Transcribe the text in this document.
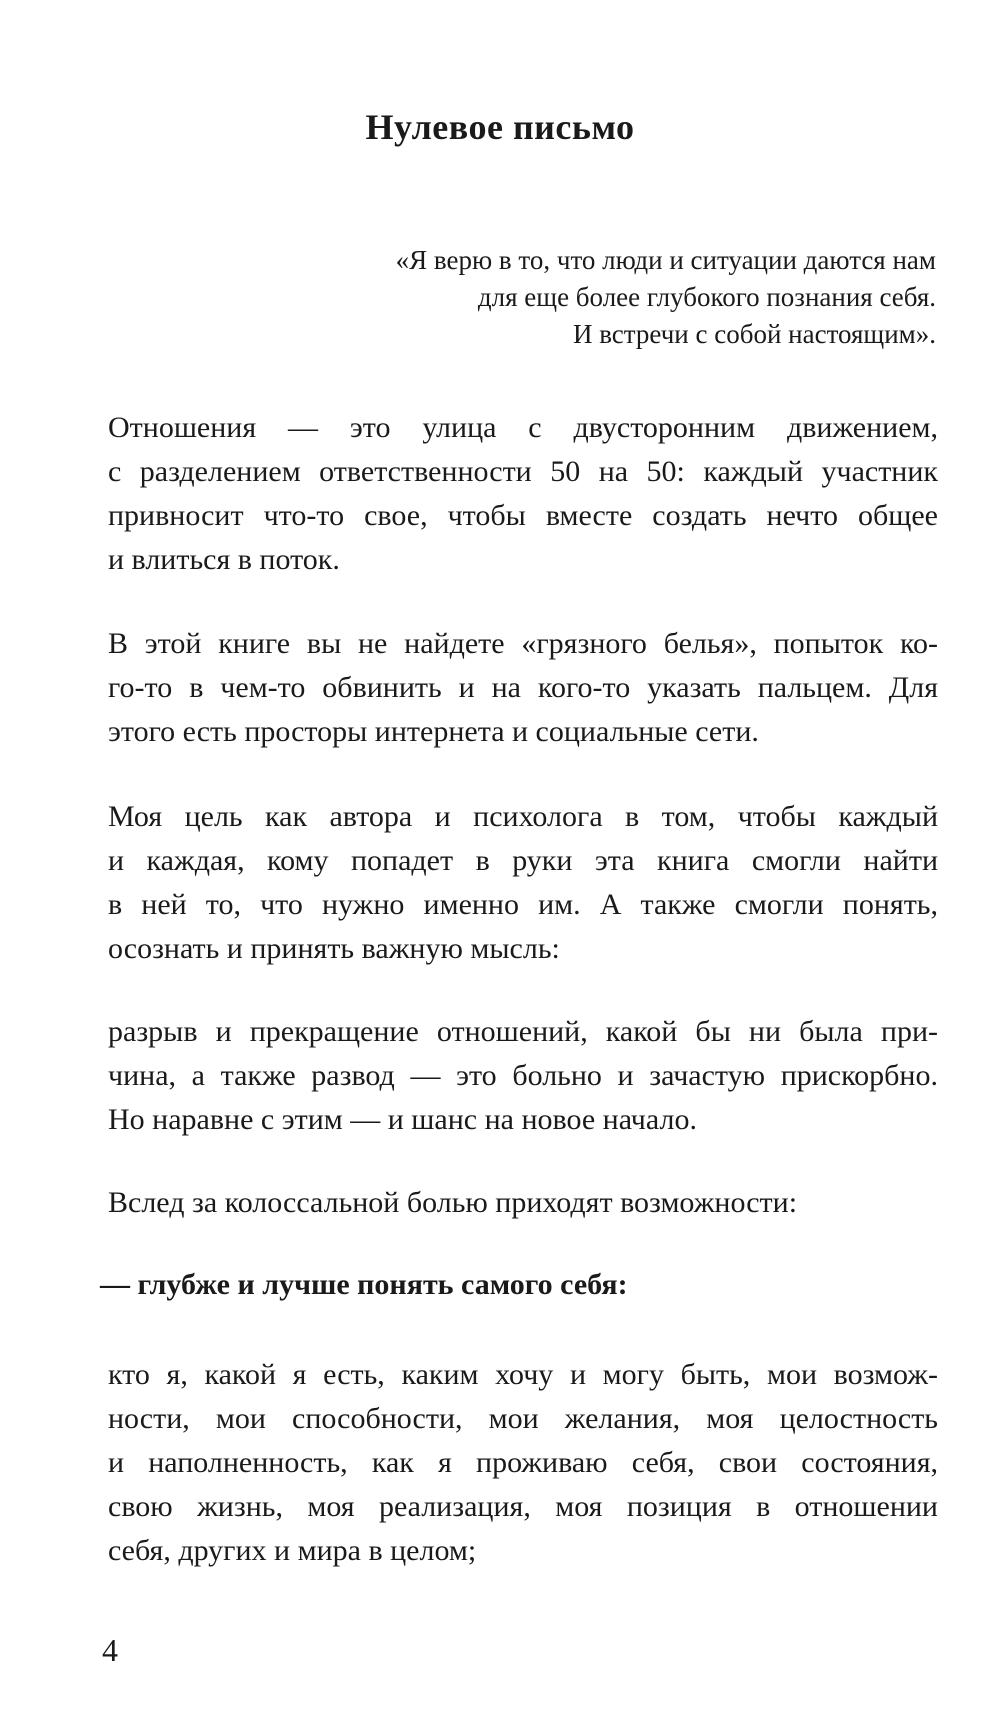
Нулевое письмо
«Я верю в то, что люди и ситуации даются нам
для еще более глубокого познания себя.
И встречи с собой настоящим».
Отношения — это улица с двусторонним движением,
с разделением ответственности 50 на 50: каждый участник
привносит что-то свое, чтобы вместе создать нечто общее
и влиться в поток.
В этой книге вы не найдете «грязного белья», попыток ко-
го-то в чем-то обвинить и на кого-то указать пальцем. Для
этого есть просторы интернета и социальные сети.
Моя цель как автора и психолога в том, чтобы каждый
и каждая, кому попадет в руки эта книга смогли найти
в ней то, что нужно именно им. А также смогли понять,
осознать и принять важную мысль:
разрыв и прекращение отношений, какой бы ни была при-
чина, а также развод — это больно и зачастую прискорбно.
Но наравне с этим — и шанс на новое начало.
Вслед за колоссальной болью приходят возможности:
— глубже и лучше понять самого себя:
кто я, какой я есть, каким хочу и могу быть, мои возмож-
ности, мои способности, мои желания, моя целостность
и наполненность, как я проживаю себя, свои состояния,
свою жизнь, моя реализация, моя позиция в отношении
себя, других и мира в целом;
4
